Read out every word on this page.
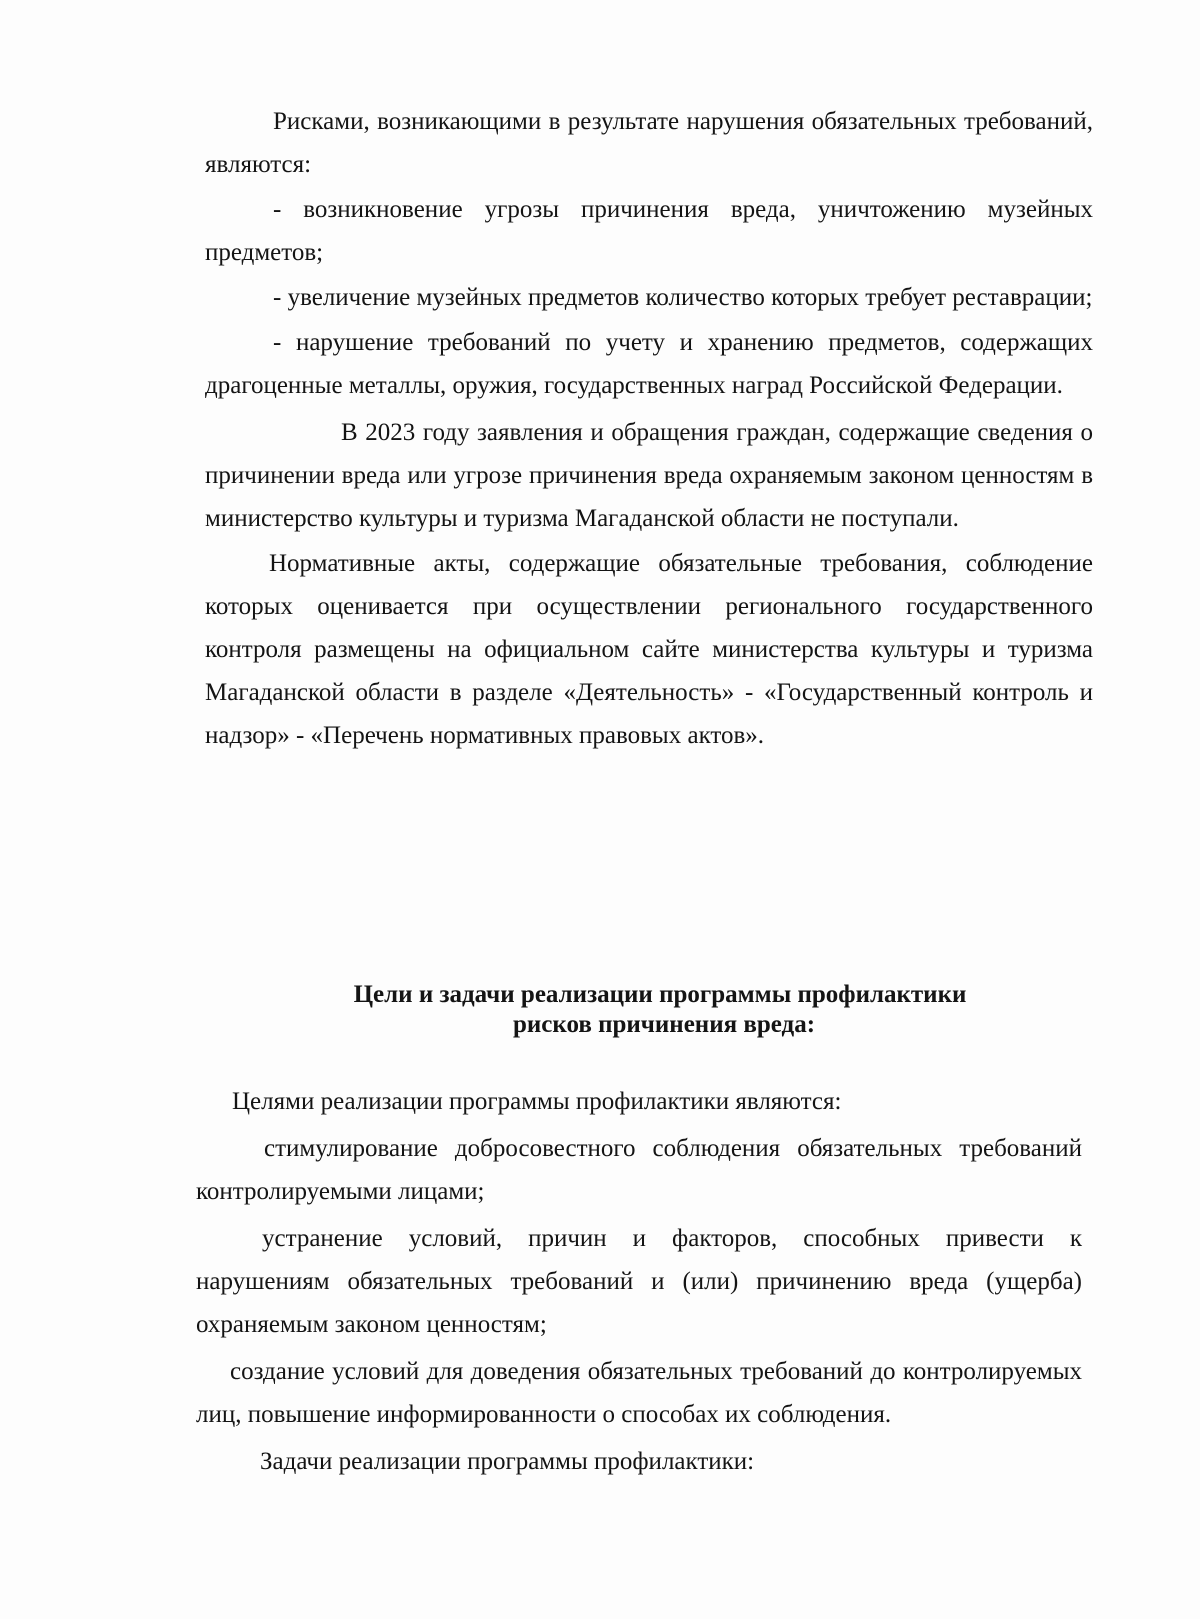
Рисками, возникающими в результате нарушения обязательных требований, являются:

- возникновение угрозы причинения вреда, уничтожению музейных предметов;

- увеличение музейных предметов количество которых требует реставрации;

- нарушение требований по учету и хранению предметов, содержащих драгоценные металлы, оружия, государственных наград Российской Федерации.

В 2023 году заявления и обращения граждан, содержащие сведения о причинении вреда или угрозе причинения вреда охраняемым законом ценностям в министерство культуры и туризма Магаданской области не поступали.

Нормативные акты, содержащие обязательные требования, соблюдение которых оценивается при осуществлении регионального государственного контроля размещены на официальном сайте министерства культуры и туризма Магаданской области в разделе «Деятельность» - «Государственный контроль и надзор» - «Перечень нормативных правовых актов».

Цели и задачи реализации программы профилактики
рисков причинения вреда:

Целями реализации программы профилактики являются:

стимулирование добросовестного соблюдения обязательных требований контролируемыми лицами;

устранение условий, причин и факторов, способных привести к нарушениям обязательных требований и (или) причинению вреда (ущерба) охраняемым законом ценностям;

создание условий для доведения обязательных требований до контролируемых лиц, повышение информированности о способах их соблюдения.

Задачи реализации программы профилактики:
